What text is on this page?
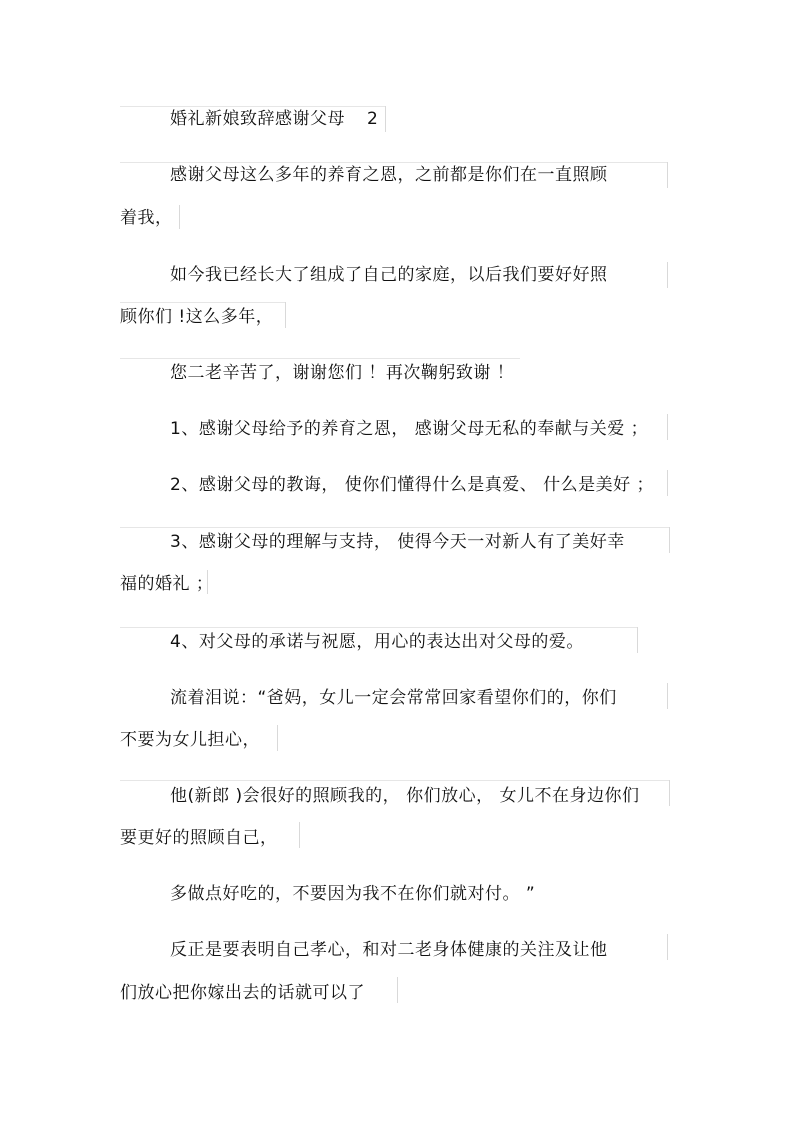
婚礼新娘致辞感谢父母 2
感谢父母这么多年的养育之恩，之前都是你们在一直照顾
着我，
如今我已经长大了组成了自己的家庭，以后我们要好好照
顾你们 !这么多年，
您二老辛苦了，谢谢您们 ！再次鞠躬致谢 ！
1、感谢父母给予的养育之恩， 感谢父母无私的奉献与关爱 ；
2、感谢父母的教诲， 使你们懂得什么是真爱、 什么是美好 ；
3、感谢父母的理解与支持， 使得今天一对新人有了美好幸
福的婚礼 ；
4、对父母的承诺与祝愿，用心的表达出对父母的爱。
流着泪说：“爸妈，女儿一定会常常回家看望你们的，你们
不要为女儿担心，
他(新郎 )会很好的照顾我的， 你们放心， 女儿不在身边你们
要更好的照顾自己，
多做点好吃的，不要因为我不在你们就对付。 ”
反正是要表明自己孝心，和对二老身体健康的关注及让他
们放心把你嫁出去的话就可以了
